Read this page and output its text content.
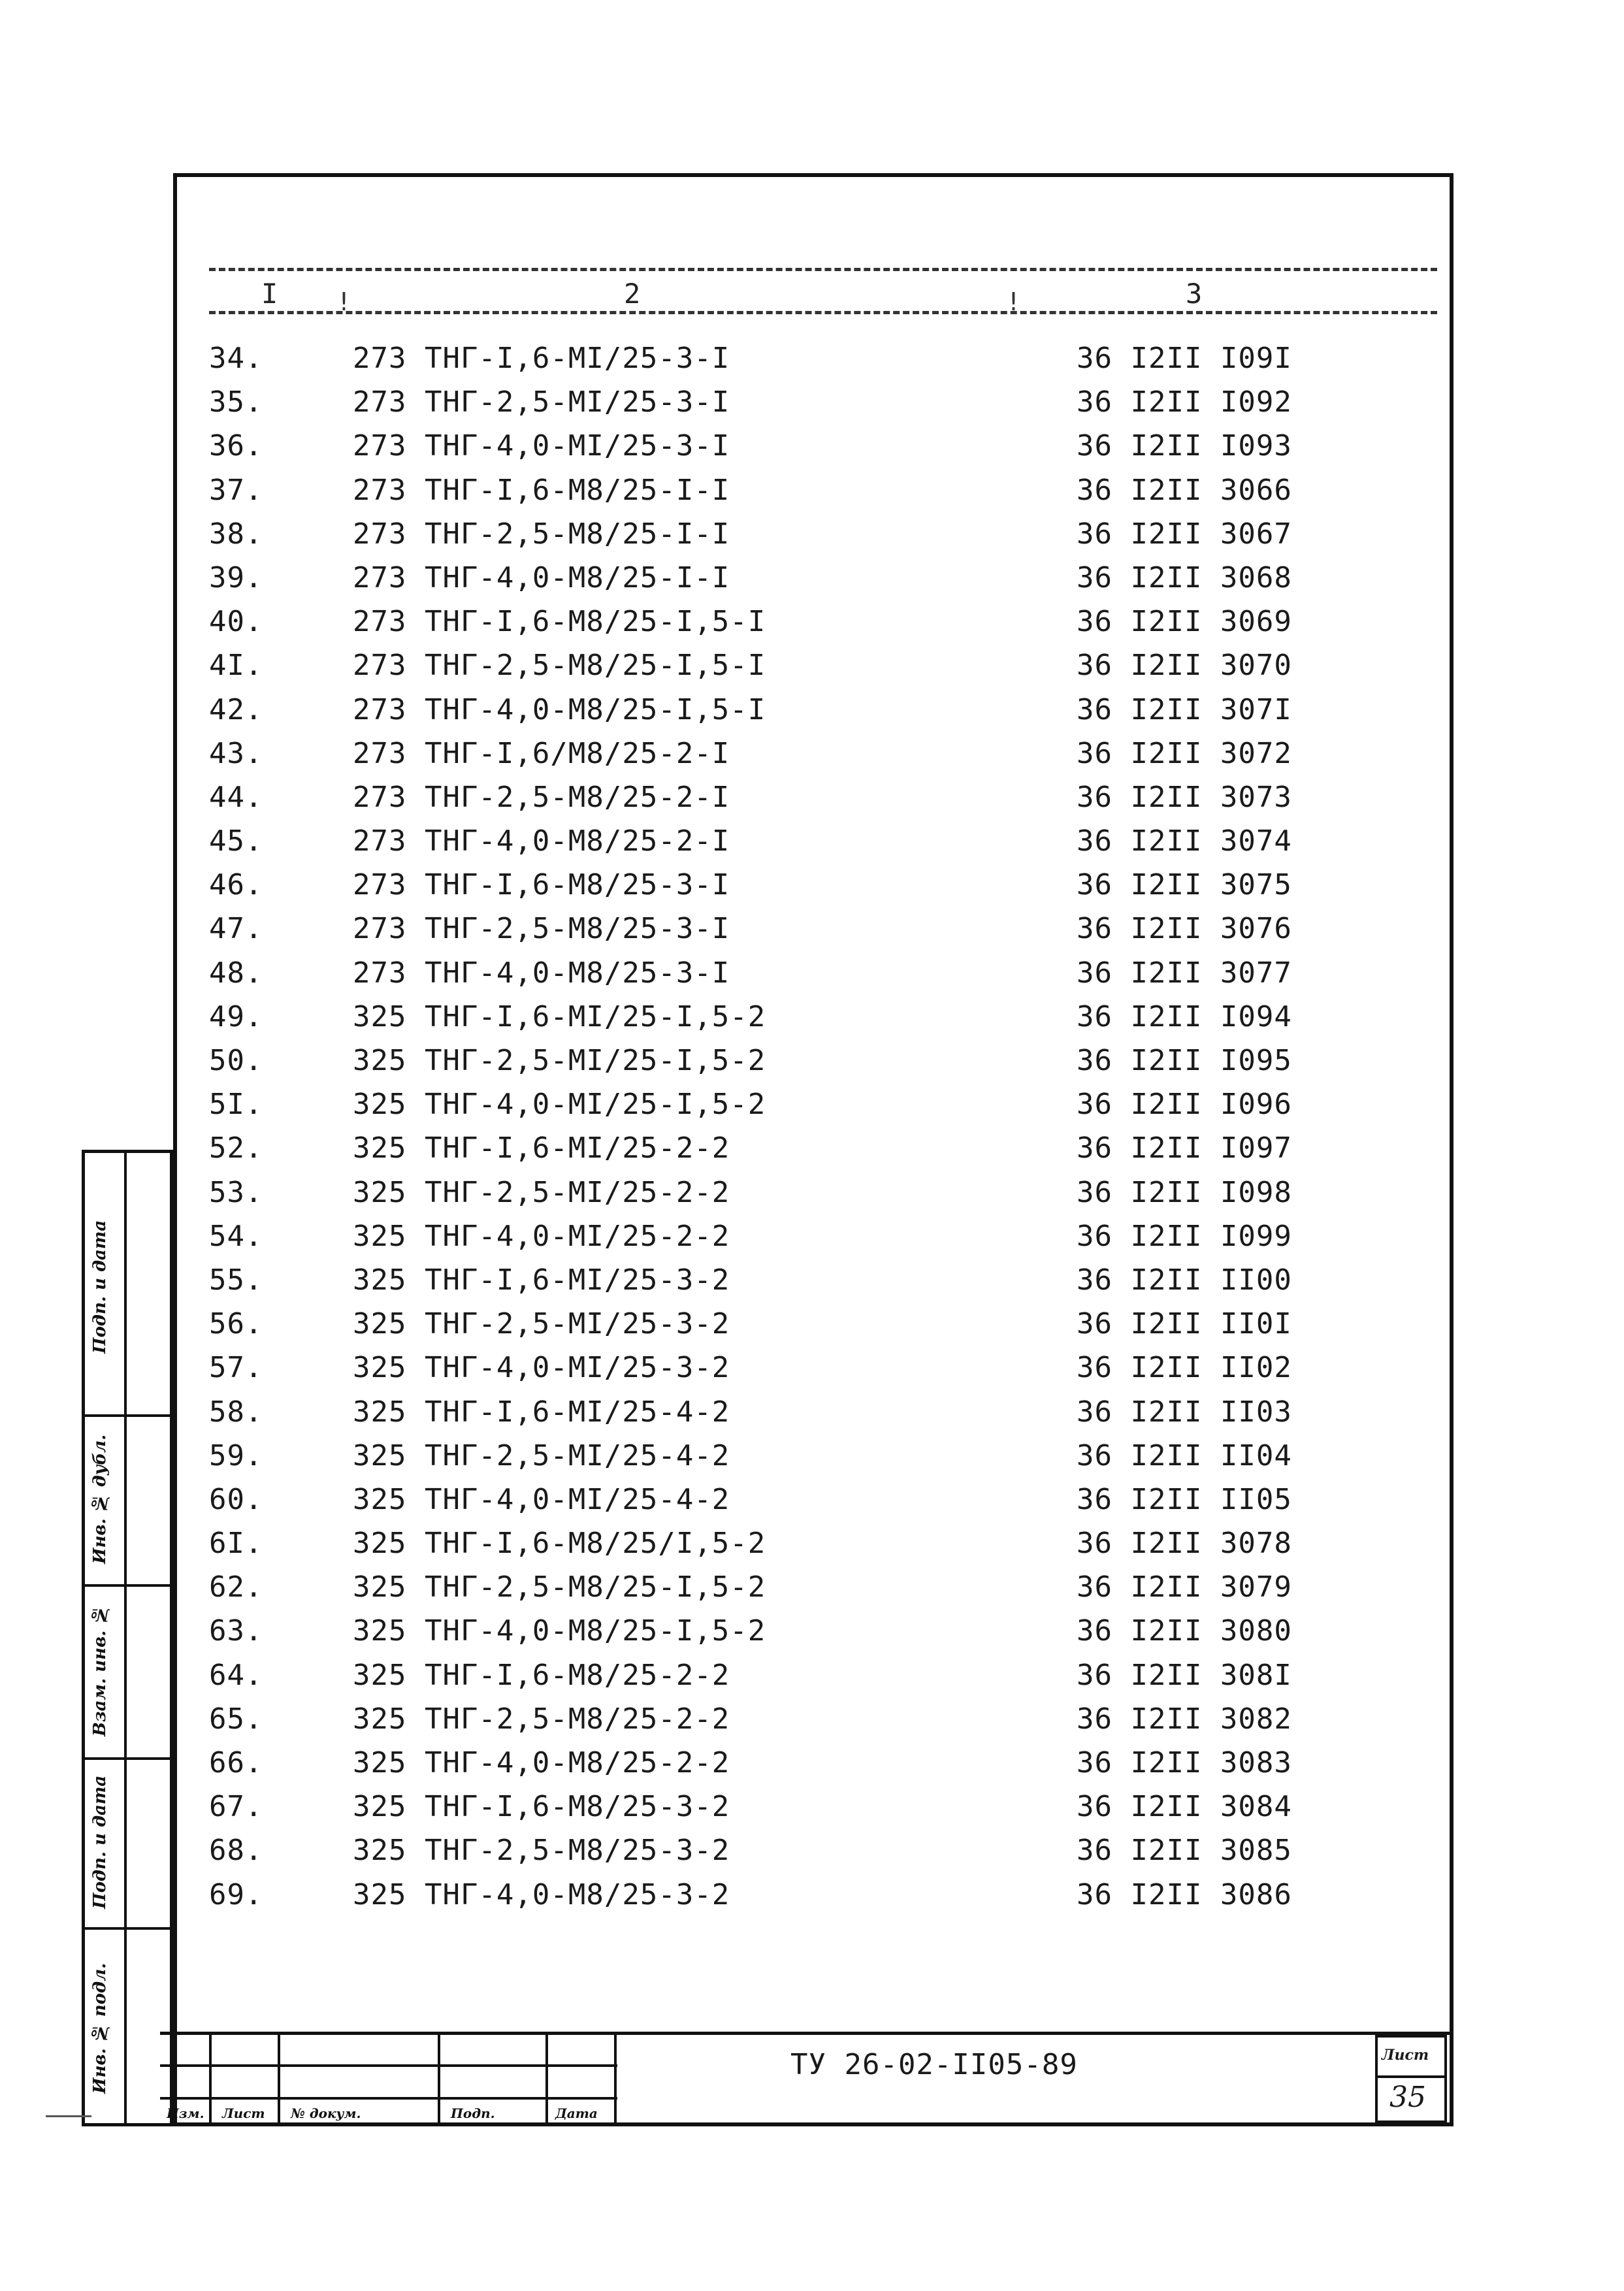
I !	2	!	3
34.	273 ТНГ-I,6-МI/25-3-I	36 I2II I09I
35.	273 ТНГ-2,5-МI/25-3-I	36 I2II I092
36.	273 ТНГ-4,0-МI/25-3-I	36 I2II I093
37.	273 ТНГ-I,6-М8/25-I-I	36 I2II 3066
38.	273 ТНГ-2,5-М8/25-I-I	36 I2II 3067
39.	273 ТНГ-4,0-М8/25-I-I	36 I2II 3068
40.	273 ТНГ-I,6-М8/25-I,5-I	36 I2II 3069
4I.	273 ТНГ-2,5-М8/25-I,5-I	36 I2II 3070
42.	273 ТНГ-4,0-М8/25-I,5-I	36 I2II 307I
43.	273 ТНГ-I,6/М8/25-2-I	36 I2II 3072
44.	273 ТНГ-2,5-М8/25-2-I	36 I2II 3073
45.	273 ТНГ-4,0-М8/25-2-I	36 I2II 3074
46.	273 ТНГ-I,6-М8/25-3-I	36 I2II 3075
47.	273 ТНГ-2,5-М8/25-3-I	36 I2II 3076
48.	273 ТНГ-4,0-М8/25-3-I	36 I2II 3077
49.	325 ТНГ-I,6-МI/25-I,5-2	36 I2II I094
50.	325 ТНГ-2,5-МI/25-I,5-2	36 I2II I095
5I.	325 ТНГ-4,0-МI/25-I,5-2	36 I2II I096
52.	325 ТНГ-I,6-МI/25-2-2	36 I2II I097
53.	325 ТНГ-2,5-МI/25-2-2	36 I2II I098
54.	325 ТНГ-4,0-МI/25-2-2	36 I2II I099
55.	325 ТНГ-I,6-МI/25-3-2	36 I2II II00
56.	325 ТНГ-2,5-МI/25-3-2	36 I2II II0I
57.	325 ТНГ-4,0-МI/25-3-2	36 I2II II02
58.	325 ТНГ-I,6-МI/25-4-2	36 I2II II03
59.	325 ТНГ-2,5-МI/25-4-2	36 I2II II04
60.	325 ТНГ-4,0-МI/25-4-2	36 I2II II05
6I.	325 ТНГ-I,6-М8/25/I,5-2	36 I2II 3078
62.	325 ТНГ-2,5-М8/25-I,5-2	36 I2II 3079
63.	325 ТНГ-4,0-М8/25-I,5-2	36 I2II 3080
64.	325 ТНГ-I,6-М8/25-2-2	36 I2II 308I
65.	325 ТНГ-2,5-М8/25-2-2	36 I2II 3082
66.	325 ТНГ-4,0-М8/25-2-2	36 I2II 3083
67.	325 ТНГ-I,6-М8/25-3-2	36 I2II 3084
68.	325 ТНГ-2,5-М8/25-3-2	36 I2II 3085
69.	325 ТНГ-4,0-М8/25-3-2	36 I2II 3086
Подп. и дата
Инв. № дубл.
Взам. инв. №
Подп. и дата
Инв. № подл.
Изм. Лист № докум.	Подп.	Дата
ТУ 26-02-II05-89	Лист
35
